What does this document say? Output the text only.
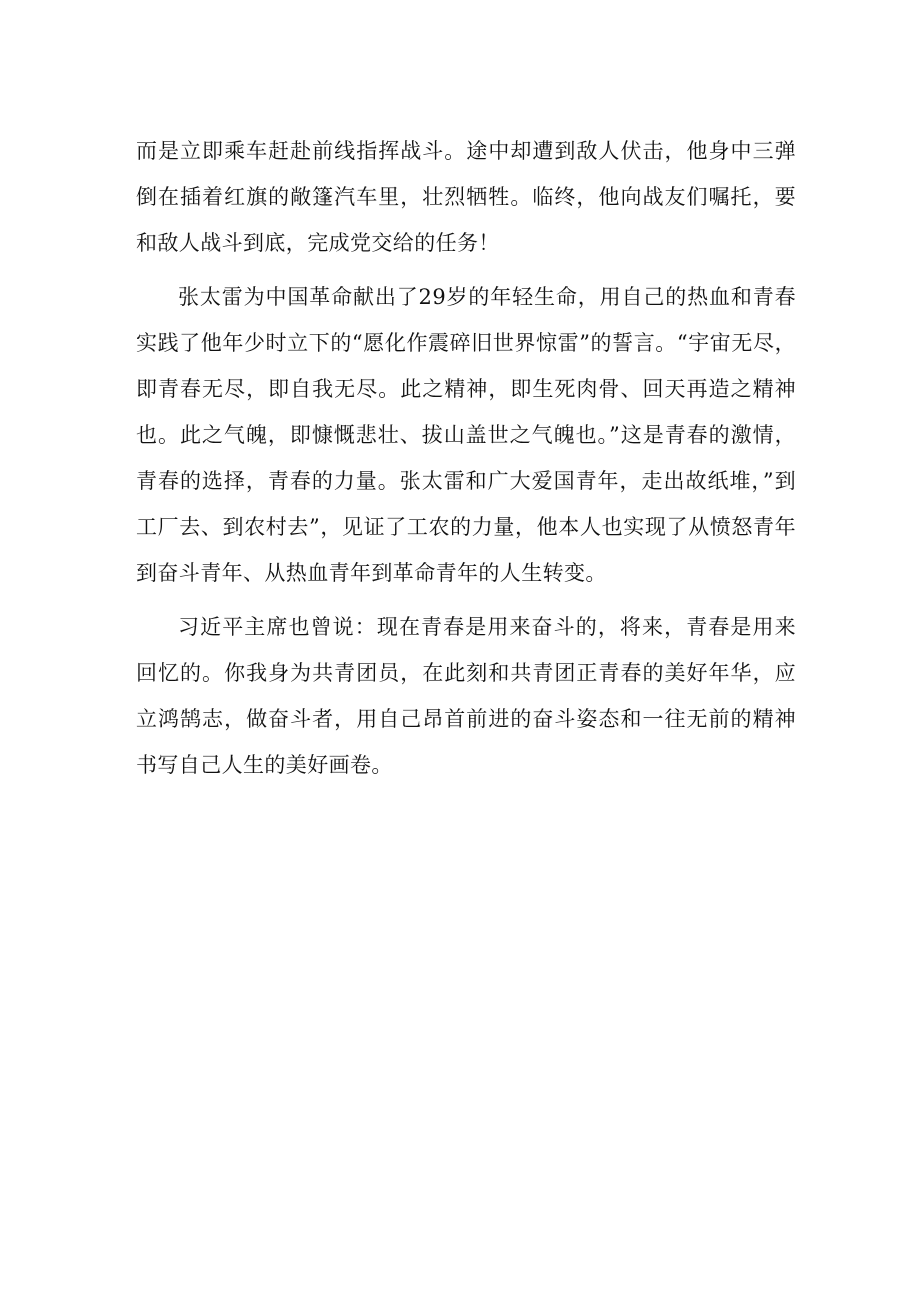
而是立即乘车赶赴前线指挥战斗。途中却遭到敌人伏击，他身中三弹倒在插着红旗的敞篷汽车里，壮烈牺牲。临终，他向战友们嘱托，要和敌人战斗到底，完成党交给的任务！

张太雷为中国革命献出了29岁的年轻生命，用自己的热血和青春实践了他年少时立下的“愿化作震碎旧世界惊雷”的誓言。“宇宙无尽，即青春无尽，即自我无尽。此之精神，即生死肉骨、回天再造之精神也。此之气魄，即慷慨悲壮、拔山盖世之气魄也。”这是青春的激情，青春的选择，青春的力量。张太雷和广大爱国青年，走出故纸堆，”到工厂去、到农村去”，见证了工农的力量，他本人也实现了从愤怒青年到奋斗青年、从热血青年到革命青年的人生转变。

习近平主席也曾说：现在青春是用来奋斗的，将来，青春是用来回忆的。你我身为共青团员，在此刻和共青团正青春的美好年华，应立鸿鹄志，做奋斗者，用自己昂首前进的奋斗姿态和一往无前的精神书写自己人生的美好画卷。
